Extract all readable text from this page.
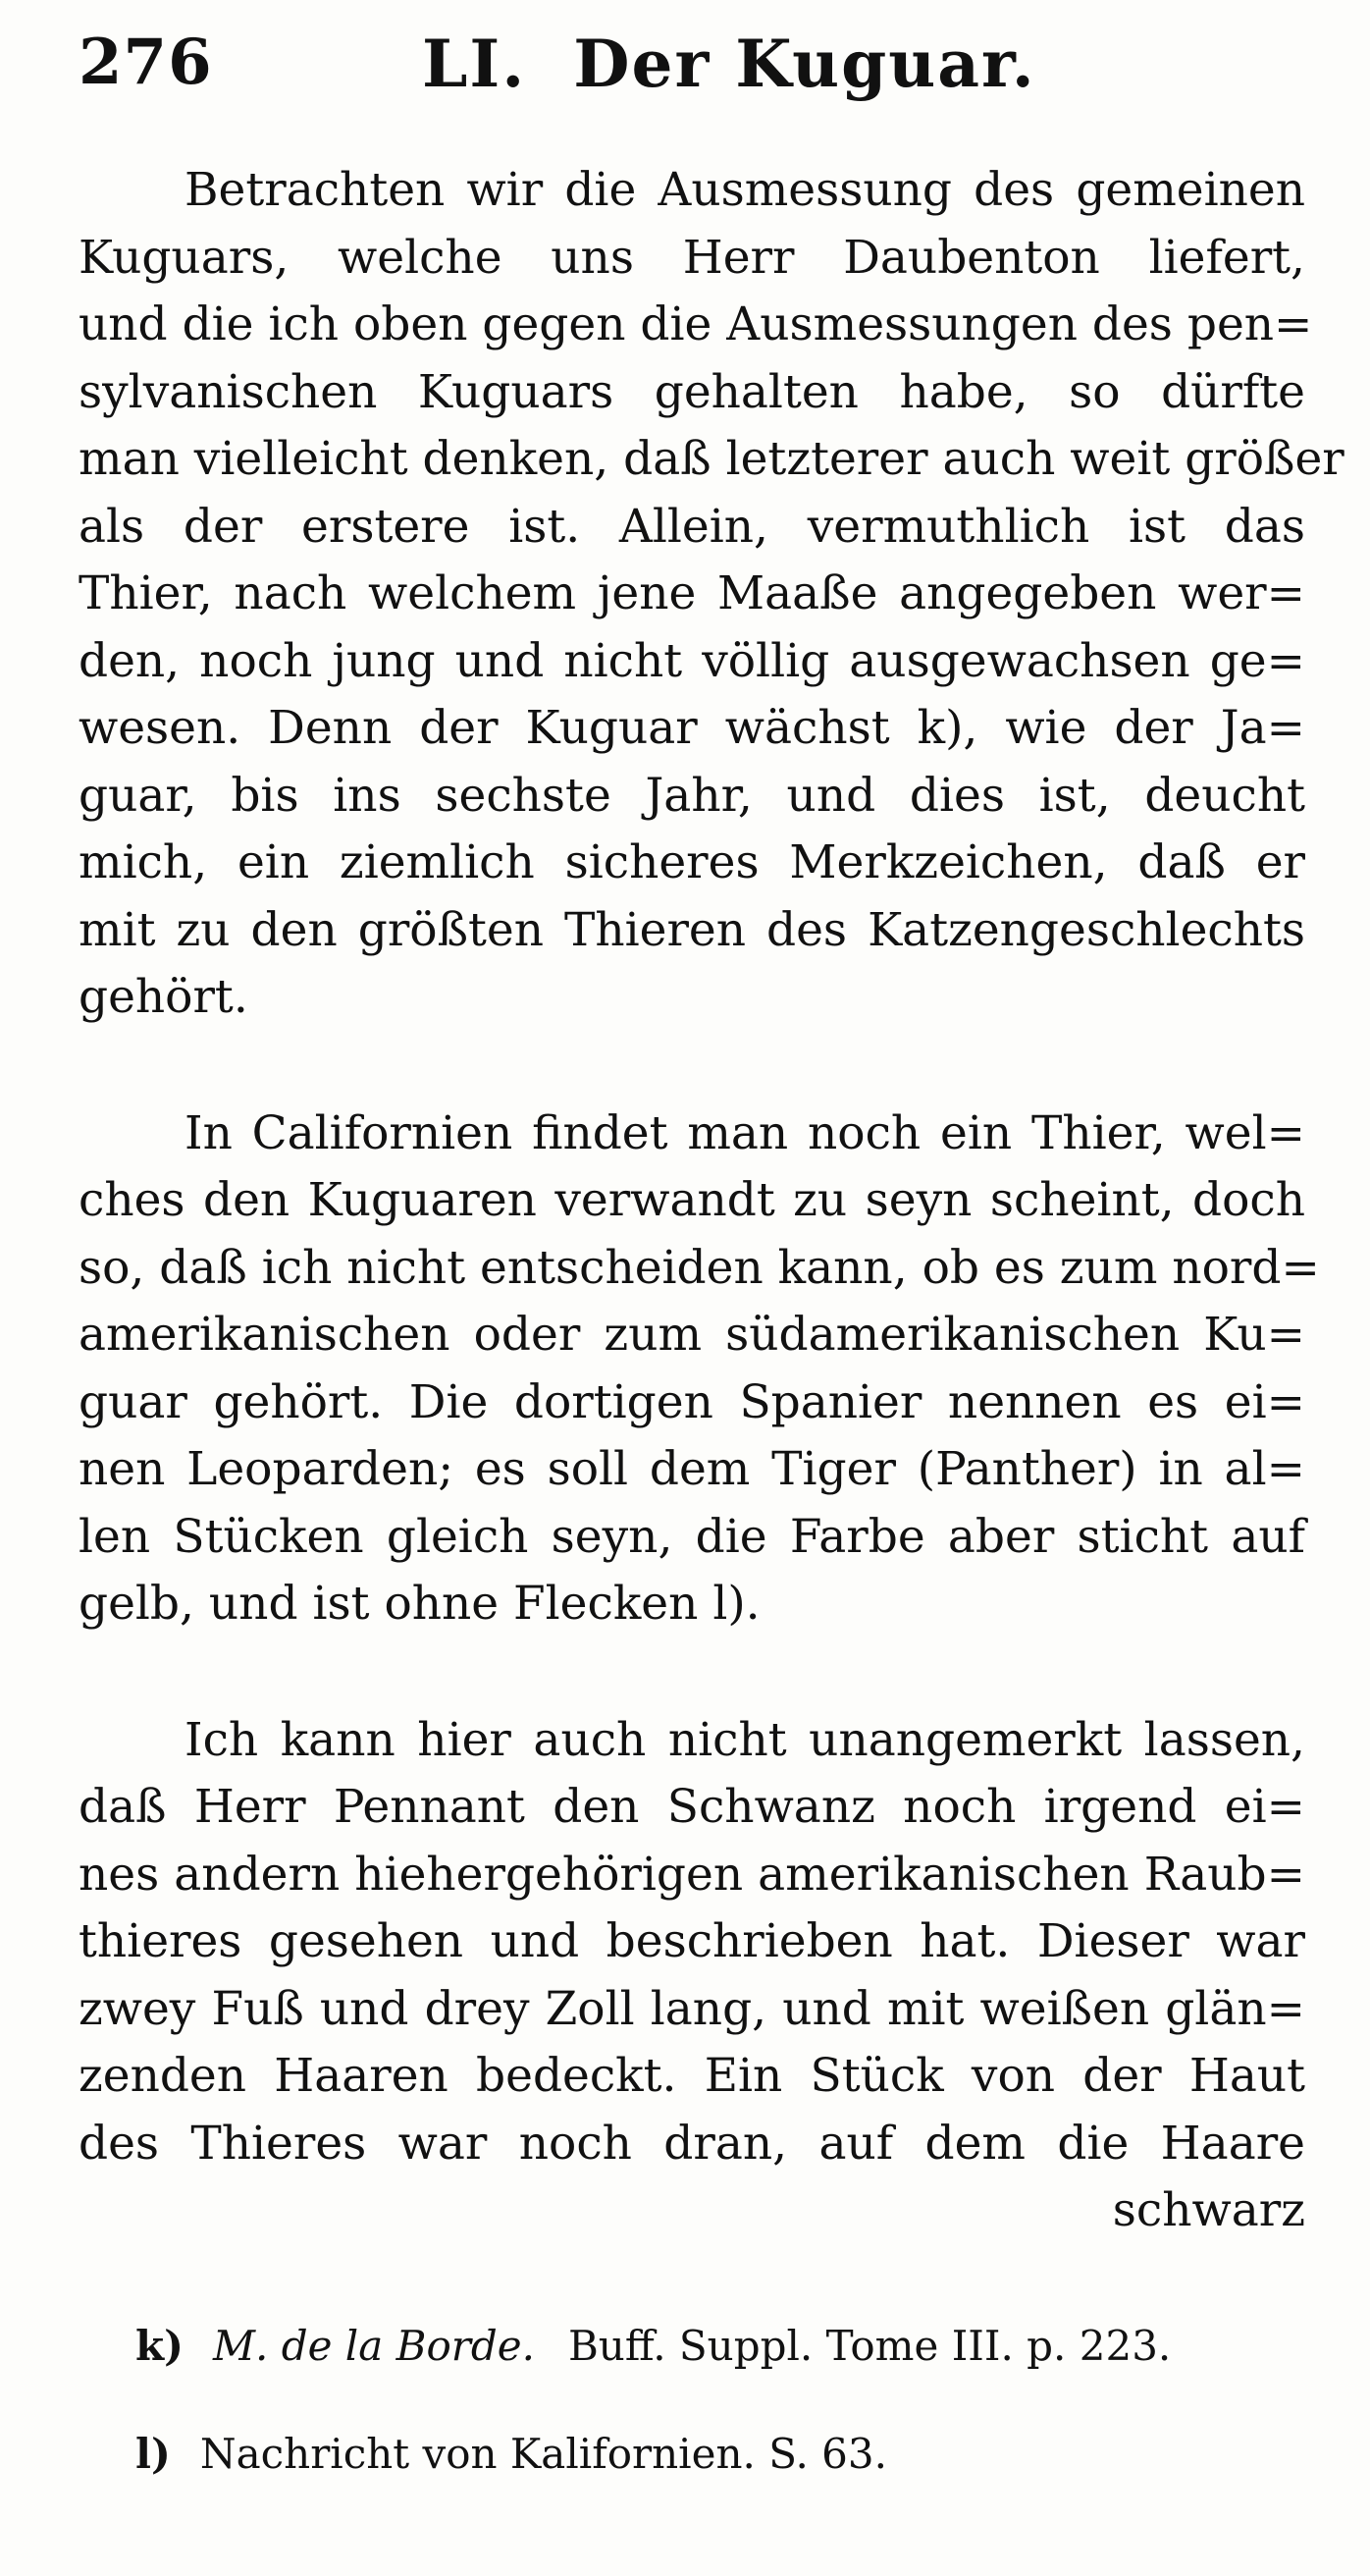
276	LI. Der Kuguar.
Betrachten wir die Ausmessung des gemeinen
Kuguars, welche uns Herr Daubenton liefert,
und die ich oben gegen die Ausmessungen des pen=
sylvanischen Kuguars gehalten habe, so dürfte
man vielleicht denken, daß letzterer auch weit größer
als der erstere ist. Allein, vermuthlich ist das
Thier, nach welchem jene Maaße angegeben wer=
den, noch jung und nicht völlig ausgewachsen ge=
wesen. Denn der Kuguar wächst k), wie der Ja=
guar, bis ins sechste Jahr, und dies ist, deucht
mich, ein ziemlich sicheres Merkzeichen, daß er
mit zu den größten Thieren des Katzengeschlechts
gehört.
In Californien findet man noch ein Thier, wel=
ches den Kuguaren verwandt zu seyn scheint, doch
so, daß ich nicht entscheiden kann, ob es zum nord=
amerikanischen oder zum südamerikanischen Ku=
guar gehört. Die dortigen Spanier nennen es ei=
nen Leoparden; es soll dem Tiger (Panther) in al=
len Stücken gleich seyn, die Farbe aber sticht auf
gelb, und ist ohne Flecken l).
Ich kann hier auch nicht unangemerkt lassen,
daß Herr Pennant den Schwanz noch irgend ei=
nes andern hiehergehörigen amerikanischen Raub=
thieres gesehen und beschrieben hat. Dieser war
zwey Fuß und drey Zoll lang, und mit weißen glän=
zenden Haaren bedeckt. Ein Stück von der Haut
des Thieres war noch dran, auf dem die Haare
schwarz

k) M. de la Borde. Buff. Suppl. Tome III. p. 223.

l) Nachricht von Kalifornien. S. 63.
